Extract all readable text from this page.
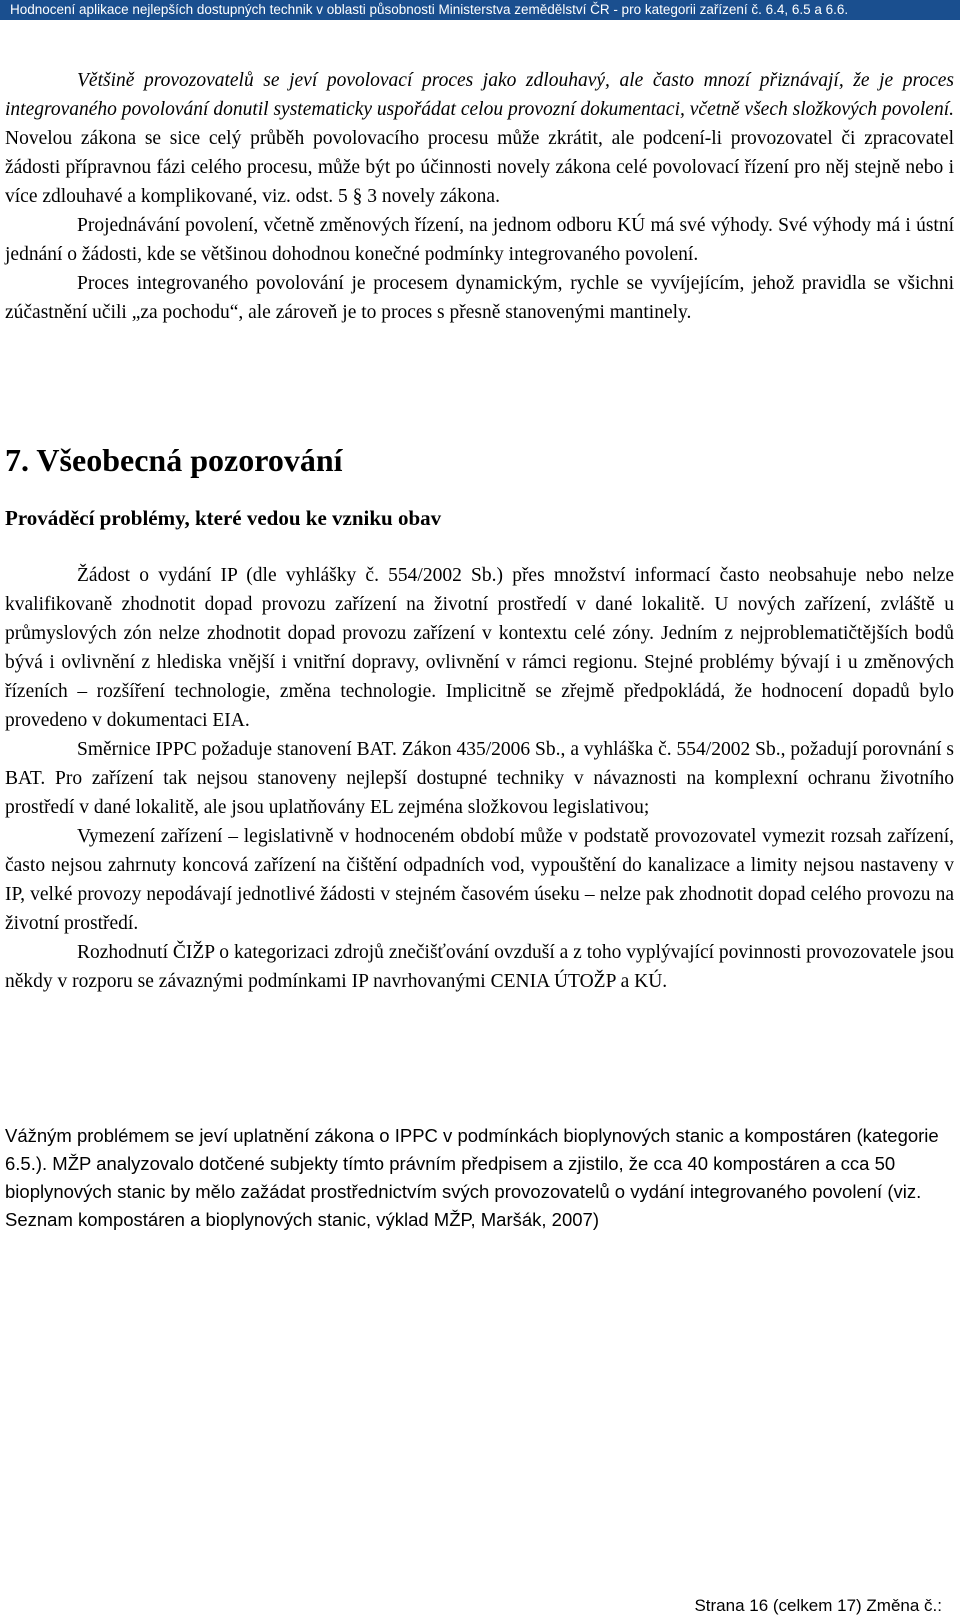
Hodnocení aplikace nejlepších dostupných technik v oblasti působnosti Ministerstva zemědělství ČR - pro kategorii zařízení č. 6.4, 6.5 a 6.6.

Většině provozovatelů se jeví povolovací proces jako zdlouhavý, ale často mnozí přiznávají, že je proces integrovaného povolování donutil systematicky uspořádat celou provozní dokumentaci, včetně všech složkových povolení. Novelou zákona se sice celý průběh povolovacího procesu může zkrátit, ale podcení-li provozovatel či zpracovatel žádosti přípravnou fázi celého procesu, může být po účinnosti novely zákona celé povolovací řízení pro něj stejně nebo i více zdlouhavé a komplikované, viz. odst. 5 § 3 novely zákona.

Projednávání povolení, včetně změnových řízení, na jednom odboru KÚ má své výhody. Své výhody má i ústní jednání o žádosti, kde se většinou dohodnou konečné podmínky integrovaného povolení.

Proces integrovaného povolování je procesem dynamickým, rychle se vyvíjejícím, jehož pravidla se všichni zúčastnění učili „za pochodu“, ale zároveň je to proces s přesně stanovenými mantinely.

7. Všeobecná pozorování
Prováděcí problémy, které vedou ke vzniku obav

Žádost o vydání IP (dle vyhlášky č. 554/2002 Sb.) přes množství informací často neobsahuje nebo nelze kvalifikovaně zhodnotit dopad provozu zařízení na životní prostředí v dané lokalitě. U nových zařízení, zvláště u průmyslových zón nelze zhodnotit dopad provozu zařízení v kontextu celé zóny. Jedním z nejproblematičtějších bodů bývá i ovlivnění z hlediska vnější i vnitřní dopravy, ovlivnění v rámci regionu. Stejné problémy bývají i u změnových řízeních – rozšíření technologie, změna technologie. Implicitně se zřejmě předpokládá, že hodnocení dopadů bylo provedeno v dokumentaci EIA.

Směrnice IPPC požaduje stanovení BAT. Zákon 435/2006 Sb., a vyhláška č. 554/2002 Sb., požadují porovnání s BAT. Pro zařízení tak nejsou stanoveny nejlepší dostupné techniky v návaznosti na komplexní ochranu životního prostředí v dané lokalitě, ale jsou uplatňovány EL zejména složkovou legislativou;

Vymezení zařízení – legislativně v hodnoceném období může v podstatě provozovatel vymezit rozsah zařízení, často nejsou zahrnuty koncová zařízení na čištění odpadních vod, vypouštění do kanalizace a limity nejsou nastaveny v IP, velké provozy nepodávají jednotlivé žádosti v stejném časovém úseku – nelze pak zhodnotit dopad celého provozu na životní prostředí.

Rozhodnutí ČIŽP o kategorizaci zdrojů znečišťování ovzduší a z toho vyplývající povinnosti provozovatele jsou někdy v rozporu se závaznými podmínkami IP navrhovanými CENIA ÚTOŽP a KÚ.

Vážným problémem se jeví uplatnění zákona o IPPC v podmínkách bioplynových stanic a kompostáren (kategorie 6.5.). MŽP analyzovalo dotčené subjekty tímto právním předpisem a zjistilo, že cca 40 kompostáren a cca 50 bioplynových stanic by mělo zažádat prostřednictvím svých provozovatelů o vydání integrovaného povolení (viz. Seznam kompostáren a bioplynových stanic, výklad MŽP, Maršák, 2007)

Strana 16 (celkem 17) Změna č.:
